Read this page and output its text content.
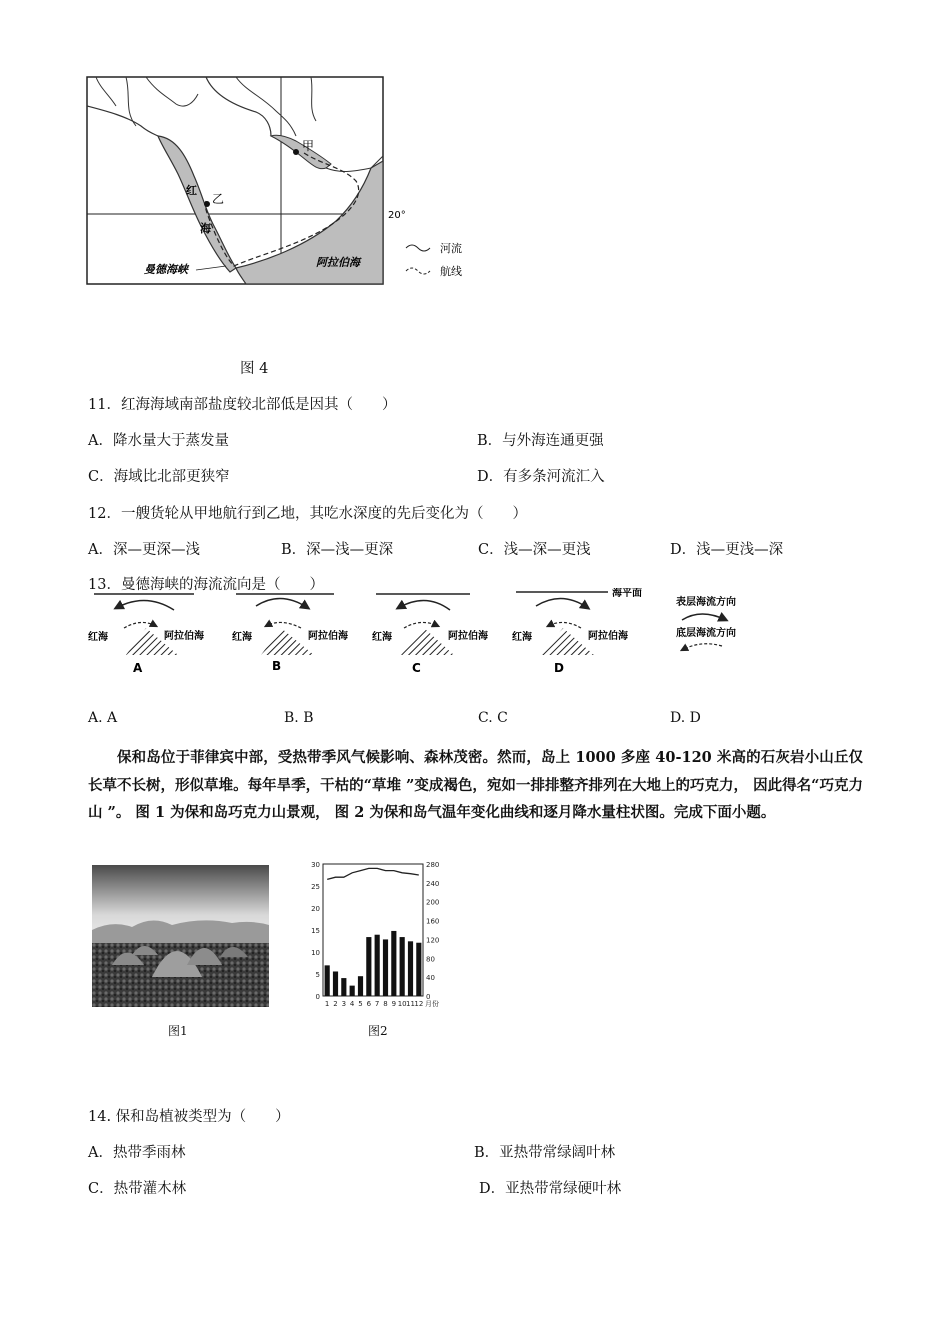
甲
乙
红
海
20°
曼德海峡
阿拉伯海
河流
航线
图 4
11．红海海域南部盐度较北部低是因其（　　）
A．降水量大于蒸发量	B．与外海连通更强
C．海域比北部更狭窄	D．有多条河流汇入
12．一艘货轮从甲地航行到乙地，其吃水深度的先后变化为（　　）
A．深—更深—浅	B．深—浅—更深	C．浅—深—更浅	D．浅—更浅—深
13．曼德海峡的海流流向是（　　）
红海	阿拉伯海
A
红海	阿拉伯海
B
红海	阿拉伯海
C
海平面
红海	阿拉伯海
D
表层海流方向
底层海流方向
A. A	B. B	C. C	D. D

保和岛位于菲律宾中部，受热带季风气候影响、森林茂密。然而，岛上 1000 多座 40-120 米高的石灰岩小山丘仅长草不长树，形似草堆。每年旱季，干枯的“草堆 ”变成褐色，宛如一排排整齐排列在大地上的巧克力， 因此得名“巧克力山 ”。 图 1 为保和岛巧克力山景观， 图 2 为保和岛气温年变化曲线和逐月降水量柱状图。完成下面小题。

图1
30
25
20
15
10
5
0
280
240
200
160
120
80
40
0
1 2 3 4 5 6 7 8 9 10 11 12 月份
图2
14. 保和岛植被类型为（　　）
A．热带季雨林	B．亚热带常绿阔叶林
C．热带灌木林	D．亚热带常绿硬叶林
